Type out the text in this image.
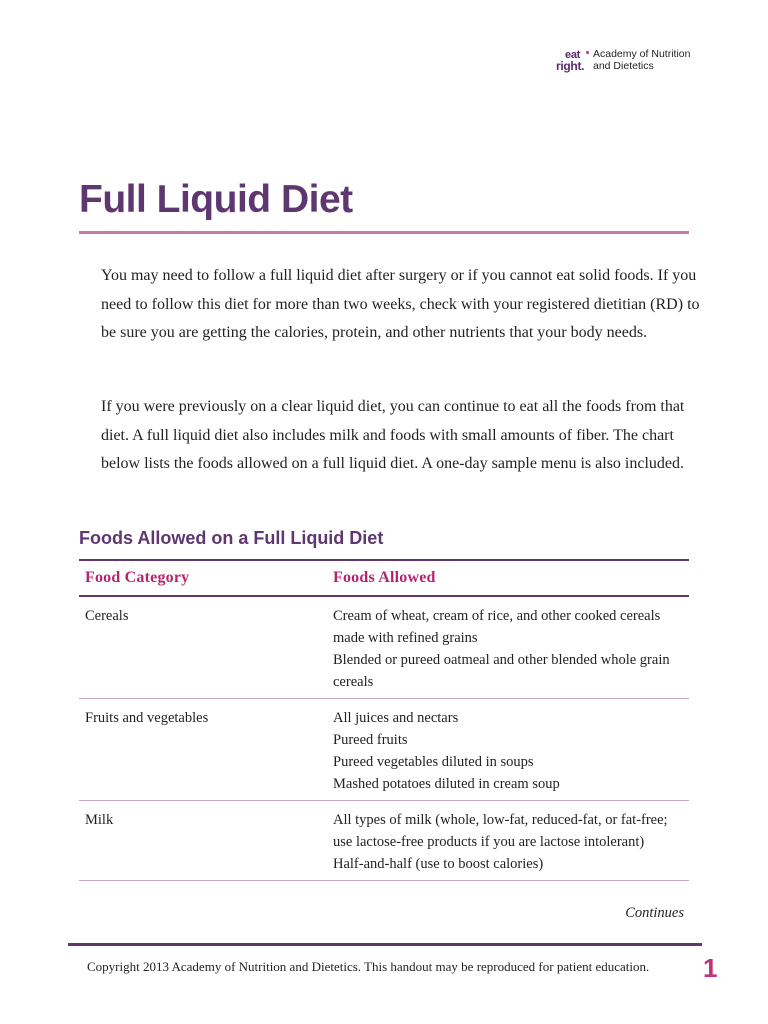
eat
right.
Academy of Nutrition
and Dietetics
Full Liquid Diet

You may need to follow a full liquid diet after surgery or if you cannot eat solid foods. If you need to follow this diet for more than two weeks, check with your registered dietitian (RD) to be sure you are getting the calories, protein, and other nutrients that your body needs.

If you were previously on a clear liquid diet, you can continue to eat all the foods from that diet. A full liquid diet also includes milk and foods with small amounts of fiber. The chart below lists the foods allowed on a full liquid diet. A one-day sample menu is also included.

Foods Allowed on a Full Liquid Diet
Food Category	Foods Allowed
Cereals	Cream of wheat, cream of rice, and other cooked cereals made with refined grains
Blended or pureed oatmeal and other blended whole grain cereals
Fruits and vegetables	All juices and nectars
Pureed fruits
Pureed vegetables diluted in soups
Mashed potatoes diluted in cream soup
Milk	All types of milk (whole, low-fat, reduced-fat, or fat-free; use lactose-free products if you are lactose intolerant)
Half-and-half (use to boost calories)
Continues
Copyright 2013 Academy of Nutrition and Dietetics. This handout may be reproduced for patient education. 1
